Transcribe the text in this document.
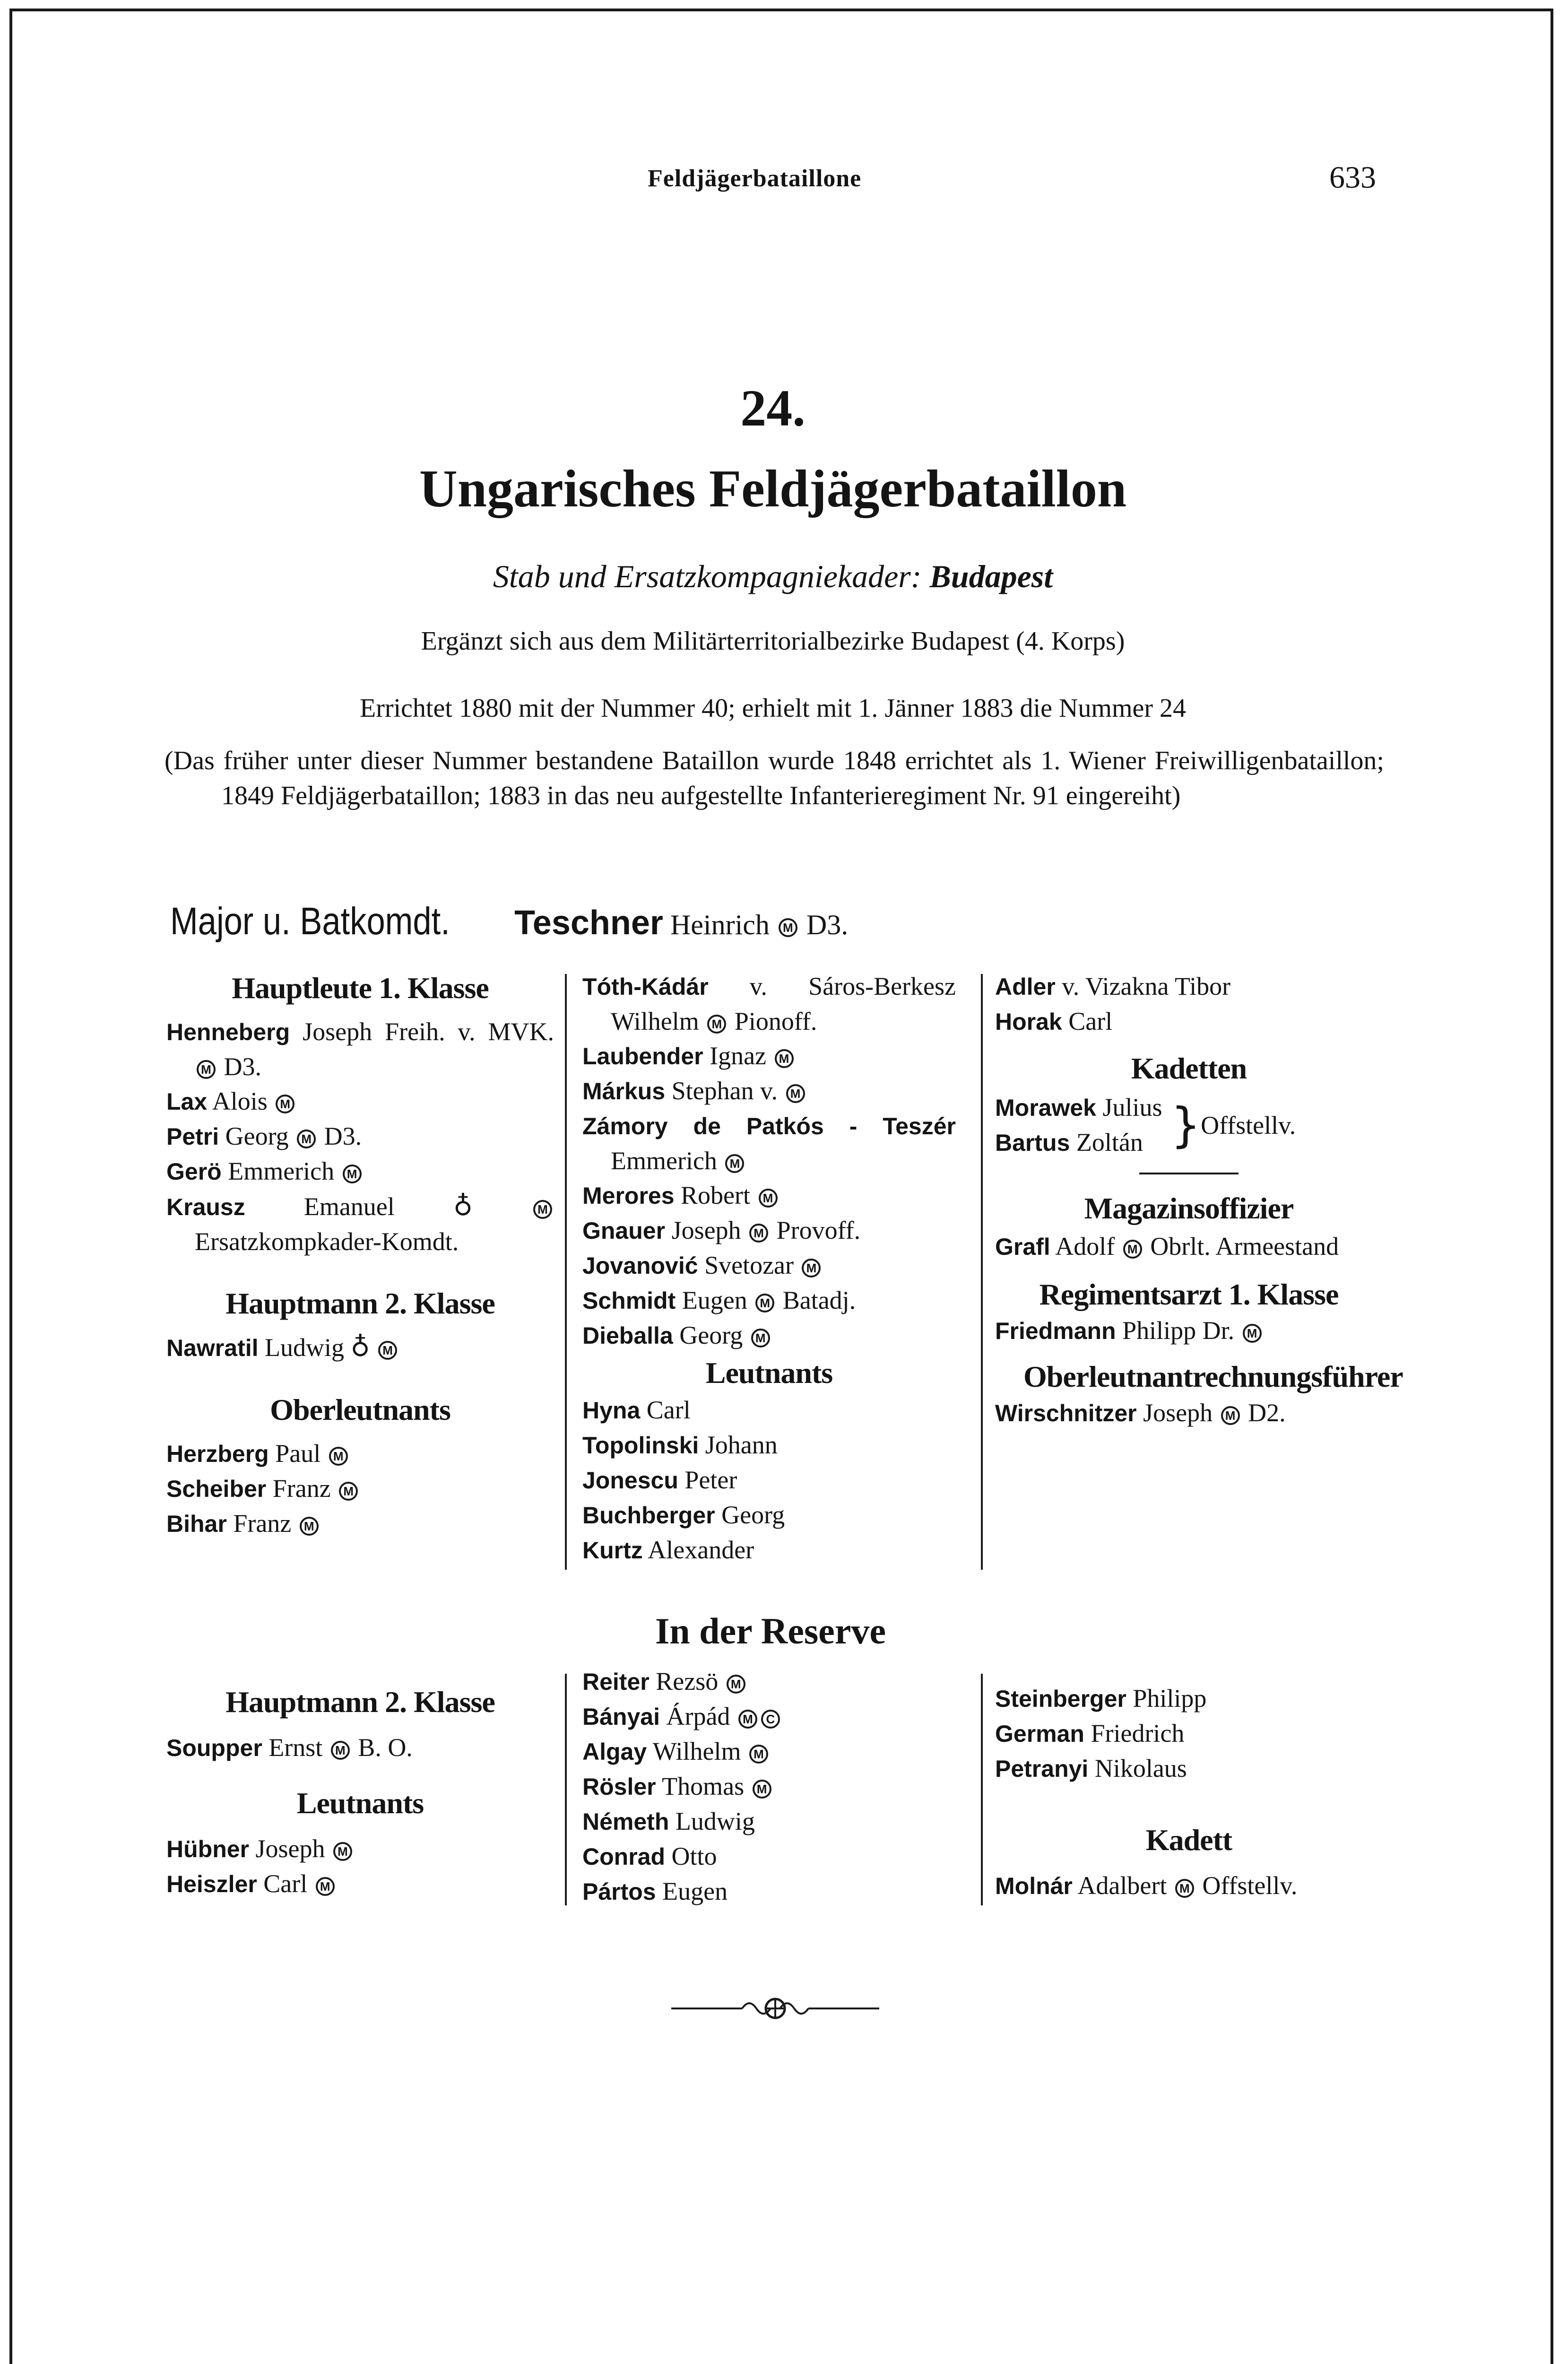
Feldjägerbataillone	633
24.
Ungarisches Feldjägerbataillon
Stab und Ersatzkompagniekader: Budapest
Ergänzt sich aus dem Militärterritorialbezirke Budapest (4. Korps)
Errichtet 1880 mit der Nummer 40; erhielt mit 1. Jänner 1883 die Nummer 24
(Das früher unter dieser Nummer bestandene Bataillon wurde 1848 errichtet als 1. Wiener Freiwilligenbataillon; 1849 Feldjägerbataillon; 1883 in das neu aufgestellte Infanterieregiment Nr. 91 eingereiht)
Major u. Batkomdt. Teschner Heinrich M D3.
Hauptleute 1. Klasse
Henneberg Joseph Freih. v. MVK. M D3.
Lax Alois M
Petri Georg M D3.
Gerö Emmerich M
Krausz Emanuel ♁	M Ersatzkompkader-Komdt.
Hauptmann 2. Klasse
Nawratil Ludwig ♁ M
Oberleutnants
Herzberg Paul M
Scheiber Franz M
Bihar Franz M
Tóth-Kádár v. Sáros-Berkesz Wilhelm M Pionoff.
Laubender Ignaz M
Márkus Stephan v. M
Zámory de Patkós - Teszér Emmerich M
Merores Robert M
Gnauer Joseph M Provoff.
Jovanović Svetozar M
Schmidt Eugen M Batadj.
Dieballa Georg M
Leutnants
Hyna Carl
Topolinski Johann
Jonescu Peter
Buchberger Georg
Kurtz Alexander
Adler v. Vizakna Tibor
Horak Carl
Kadetten
Morawek Julius
Bartus Zoltán } Offstellv.
Magazinsoffizier
Grafl Adolf M Obrlt. Armeestand
Regimentsarzt 1. Klasse
Friedmann Philipp Dr. M
Oberleutnantrechnungsführer
Wirschnitzer Joseph M D2.
In der Reserve
Hauptmann 2. Klasse
Soupper Ernst M B. O.
Leutnants
Hübner Joseph M
Heiszler Carl M
Reiter Rezsö M
Bányai Árpád M C
Algay Wilhelm M
Rösler Thomas M
Németh Ludwig
Conrad Otto
Pártos Eugen
Steinberger Philipp
German Friedrich
Petranyi Nikolaus
Kadett
Molnár Adalbert M Offstellv.
